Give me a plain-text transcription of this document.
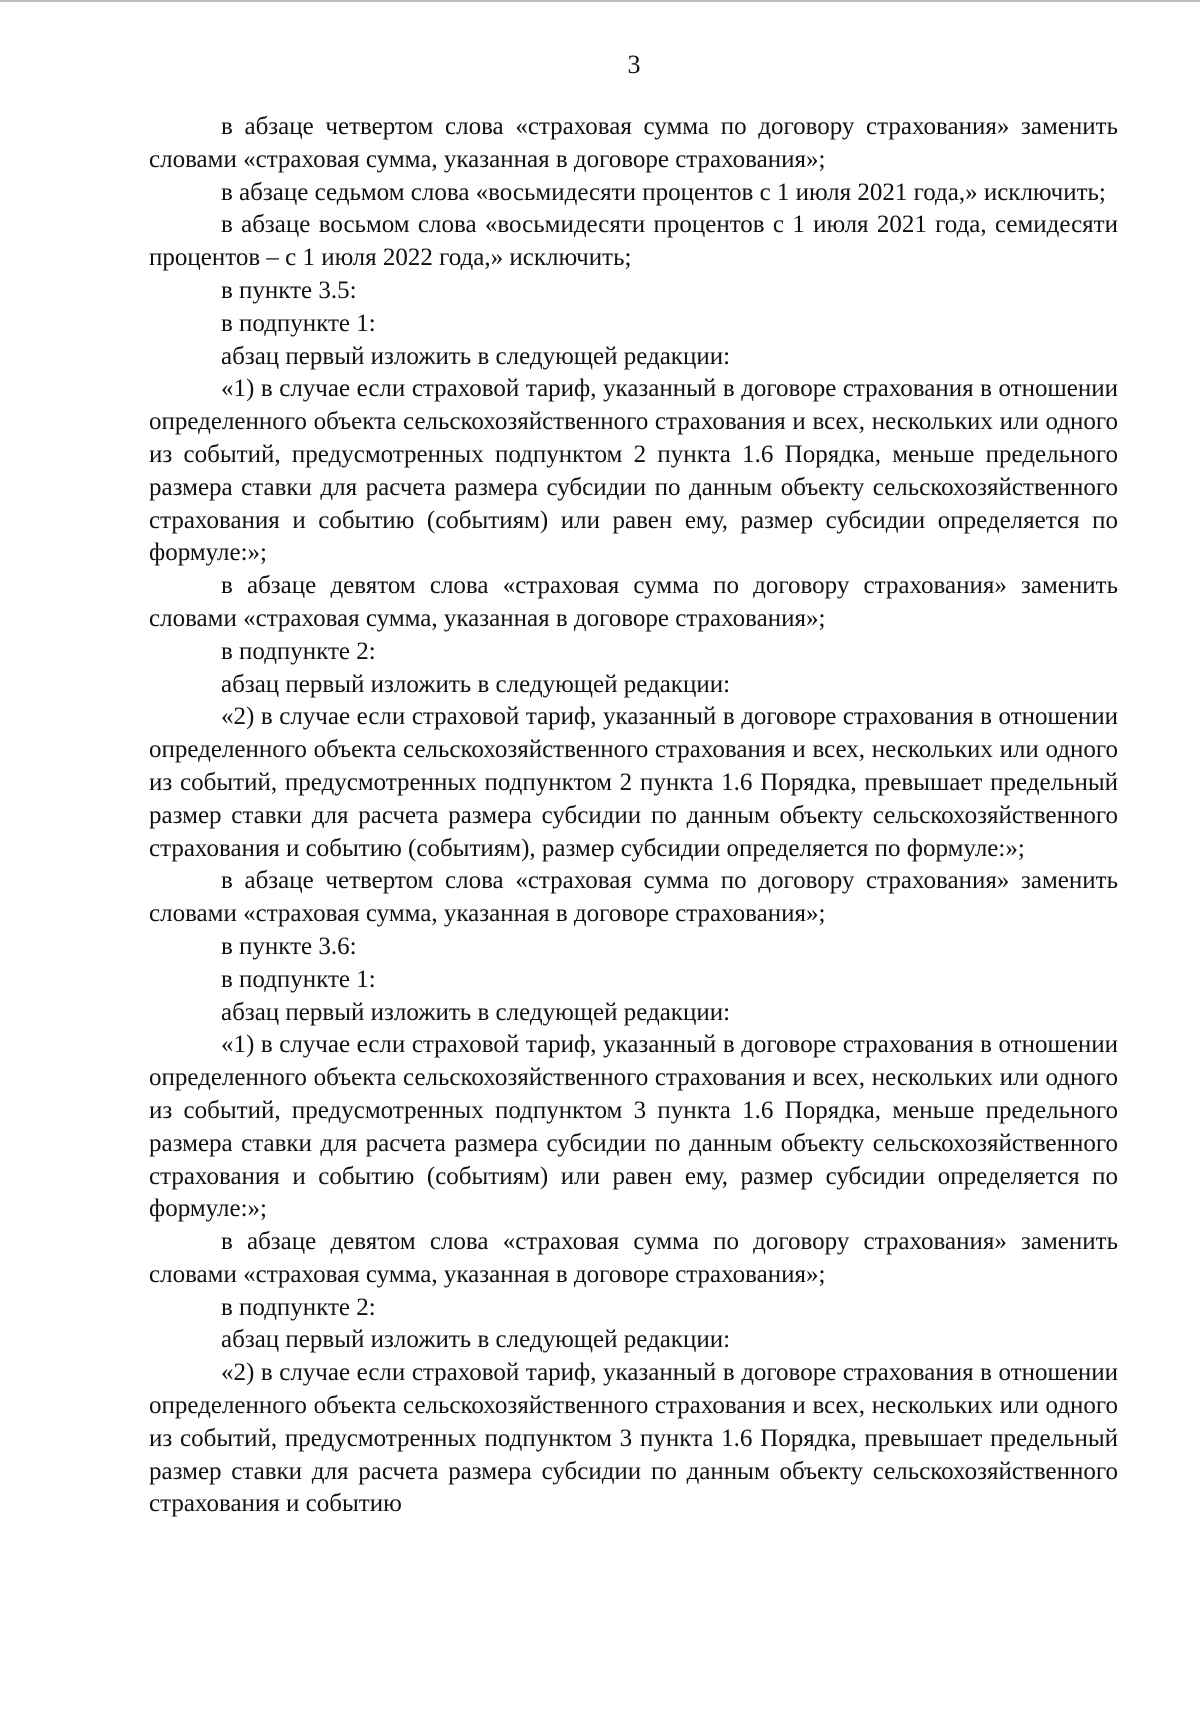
3

в абзаце четвертом слова «страховая сумма по договору страхования» заменить словами «страховая сумма, указанная в договоре страхования»;

в абзаце седьмом слова «восьмидесяти процентов с 1 июля 2021 года,» исключить;

в абзаце восьмом слова «восьмидесяти процентов с 1 июля 2021 года, семидесяти процентов – с 1 июля 2022 года,» исключить;

в пункте 3.5:

в подпункте 1:

абзац первый изложить в следующей редакции:

«1) в случае если страховой тариф, указанный в договоре страхования в отношении определенного объекта сельскохозяйственного страхования и всех, нескольких или одного из событий, предусмотренных подпунктом 2 пункта 1.6 Порядка, меньше предельного размера ставки для расчета размера субсидии по данным объекту сельскохозяйственного страхования и событию (событиям) или равен ему, размер субсидии определяется по формуле:»;

в абзаце девятом слова «страховая сумма по договору страхования» заменить словами «страховая сумма, указанная в договоре страхования»;

в подпункте 2:

абзац первый изложить в следующей редакции:

«2) в случае если страховой тариф, указанный в договоре страхования в отношении определенного объекта сельскохозяйственного страхования и всех, нескольких или одного из событий, предусмотренных подпунктом 2 пункта 1.6 Порядка, превышает предельный размер ставки для расчета размера субсидии по данным объекту сельскохозяйственного страхования и событию (событиям), размер субсидии определяется по формуле:»;

в абзаце четвертом слова «страховая сумма по договору страхования» заменить словами «страховая сумма, указанная в договоре страхования»;

в пункте 3.6:

в подпункте 1:

абзац первый изложить в следующей редакции:

«1) в случае если страховой тариф, указанный в договоре страхования в отношении определенного объекта сельскохозяйственного страхования и всех, нескольких или одного из событий, предусмотренных подпунктом 3 пункта 1.6 Порядка, меньше предельного размера ставки для расчета размера субсидии по данным объекту сельскохозяйственного страхования и событию (событиям) или равен ему, размер субсидии определяется по формуле:»;

в абзаце девятом слова «страховая сумма по договору страхования» заменить словами «страховая сумма, указанная в договоре страхования»;

в подпункте 2:

абзац первый изложить в следующей редакции:

«2) в случае если страховой тариф, указанный в договоре страхования в отношении определенного объекта сельскохозяйственного страхования и всех, нескольких или одного из событий, предусмотренных подпунктом 3 пункта 1.6 Порядка, превышает предельный размер ставки для расчета размера субсидии по данным объекту сельскохозяйственного страхования и событию
